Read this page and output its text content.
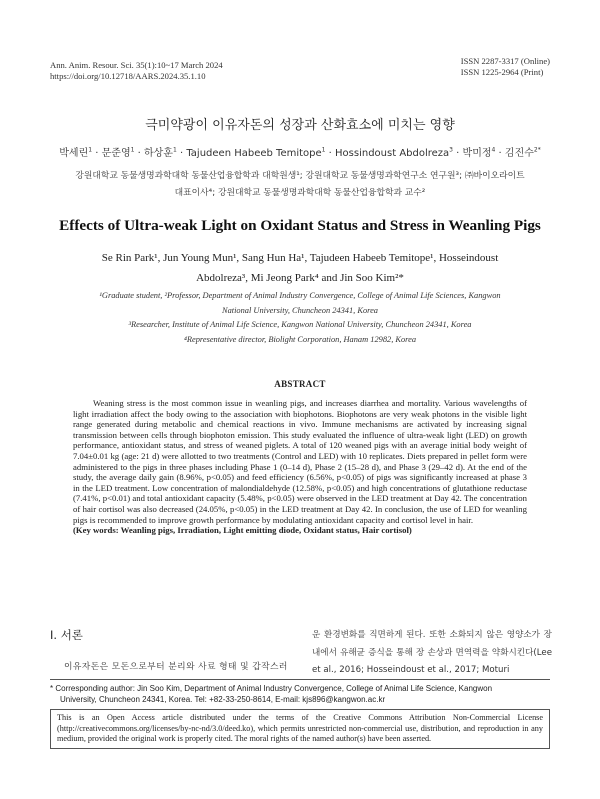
Ann. Anim. Resour. Sci. 35(1):10~17 March 2024
https://doi.org/10.12718/AARS.2024.35.1.10
ISSN 2287-3317 (Online)
ISSN 1225-2964 (Print)
극미약광이 이유자돈의 성장과 산화효소에 미치는 영향
박세린$^1$ · 문준영$^1$ · 하상훈$^1$ · Tajudeen Habeeb Temitope$^1$ · Hossindoust Abdolreza$^3$ · 박미정$^4$ · 김진수$^{2*}$
강원대학교 동물생명과학대학 동물산업융합학과 대학원생¹; 강원대학교 동물생명과학연구소 연구원³; ㈜바이오라이트
대표이사⁴; 강원대학교 동물생명과학대학 동물산업융합학과 교수²
Effects of Ultra-weak Light on Oxidant Status and Stress in Weanling Pigs
Se Rin Park¹, Jun Young Mun¹, Sang Hun Ha¹, Tajudeen Habeeb Temitope¹, Hosseindoust
Abdolreza³, Mi Jeong Park⁴ and Jin Soo Kim²*
¹Graduate student, ²Professor, Department of Animal Industry Convergence, College of Animal Life Sciences, Kangwon
National University, Chuncheon 24341, Korea
³Researcher, Institute of Animal Life Science, Kangwon National University, Chuncheon 24341, Korea
⁴Representative director, Biolight Corporation, Hanam 12982, Korea
ABSTRACT

Weaning stress is the most common issue in weanling pigs, and increases diarrhea and mortality. Various wavelengths of light irradiation affect the body owing to the association with biophotons. Biophotons are very weak photons in the visible light range generated during metabolic and chemical reactions in vivo. Immune mechanisms are activated by increasing signal transmission between cells through biophoton emission. This study evaluated the influence of ultra-weak light (LED) on growth performance, antioxidant status, and stress of weaned piglets. A total of 120 weaned pigs with an average initial body weight of 7.04±0.01 kg (age: 21 d) were allotted to two treatments (Control and LED) with 10 replicates. Diets prepared in pellet form were administered to the pigs in three phases including Phase 1 (0–14 d), Phase 2 (15–28 d), and Phase 3 (29–42 d). At the end of the study, the average daily gain (8.96%, p<0.05) and feed efficiency (6.56%, p<0.05) of pigs was significantly increased at phase 3 in the LED treatment. Low concentration of malondialdehyde (12.58%, p<0.05) and high concentrations of glutathione reductase (7.41%, p<0.01) and total antioxidant capacity (5.48%, p<0.05) were observed in the LED treatment at Day 42. The concentration of hair cortisol was also decreased (24.05%, p<0.05) in the LED treatment at Day 42. In conclusion, the use of LED for weanling pigs is recommended to improve growth performance by modulating antioxidant capacity and cortisol level in hair.

(Key words: Weanling pigs, Irradiation, Light emitting diode, Oxidant status, Hair cortisol)
Ⅰ. 서론
이유자돈은 모돈으로부터 분리와 사료 형태 및 갑작스러
운 환경변화를 직면하게 된다. 또한 소화되지 않은 영양소가 장 내에서 유해균 증식을 통해 장 손상과 면역력을 약화시킨다(Lee et al., 2016; Hosseindoust et al., 2017; Moturi
* Corresponding author: Jin Soo Kim, Department of Animal Industry Convergence, College of Animal Life Science, Kangwon
University, Chuncheon 24341, Korea. Tel: +82-33-250-8614, E-mail: kjs896@kangwon.ac.kr
This is an Open Access article distributed under the terms of the Creative Commons Attribution Non-Commercial License (http://creativecommons.org/licenses/by-nc-nd/3.0/deed.ko), which permits unrestricted non-commercial use, distribution, and reproduction in any medium, provided the original work is properly cited. The moral rights of the named author(s) have been asserted.
